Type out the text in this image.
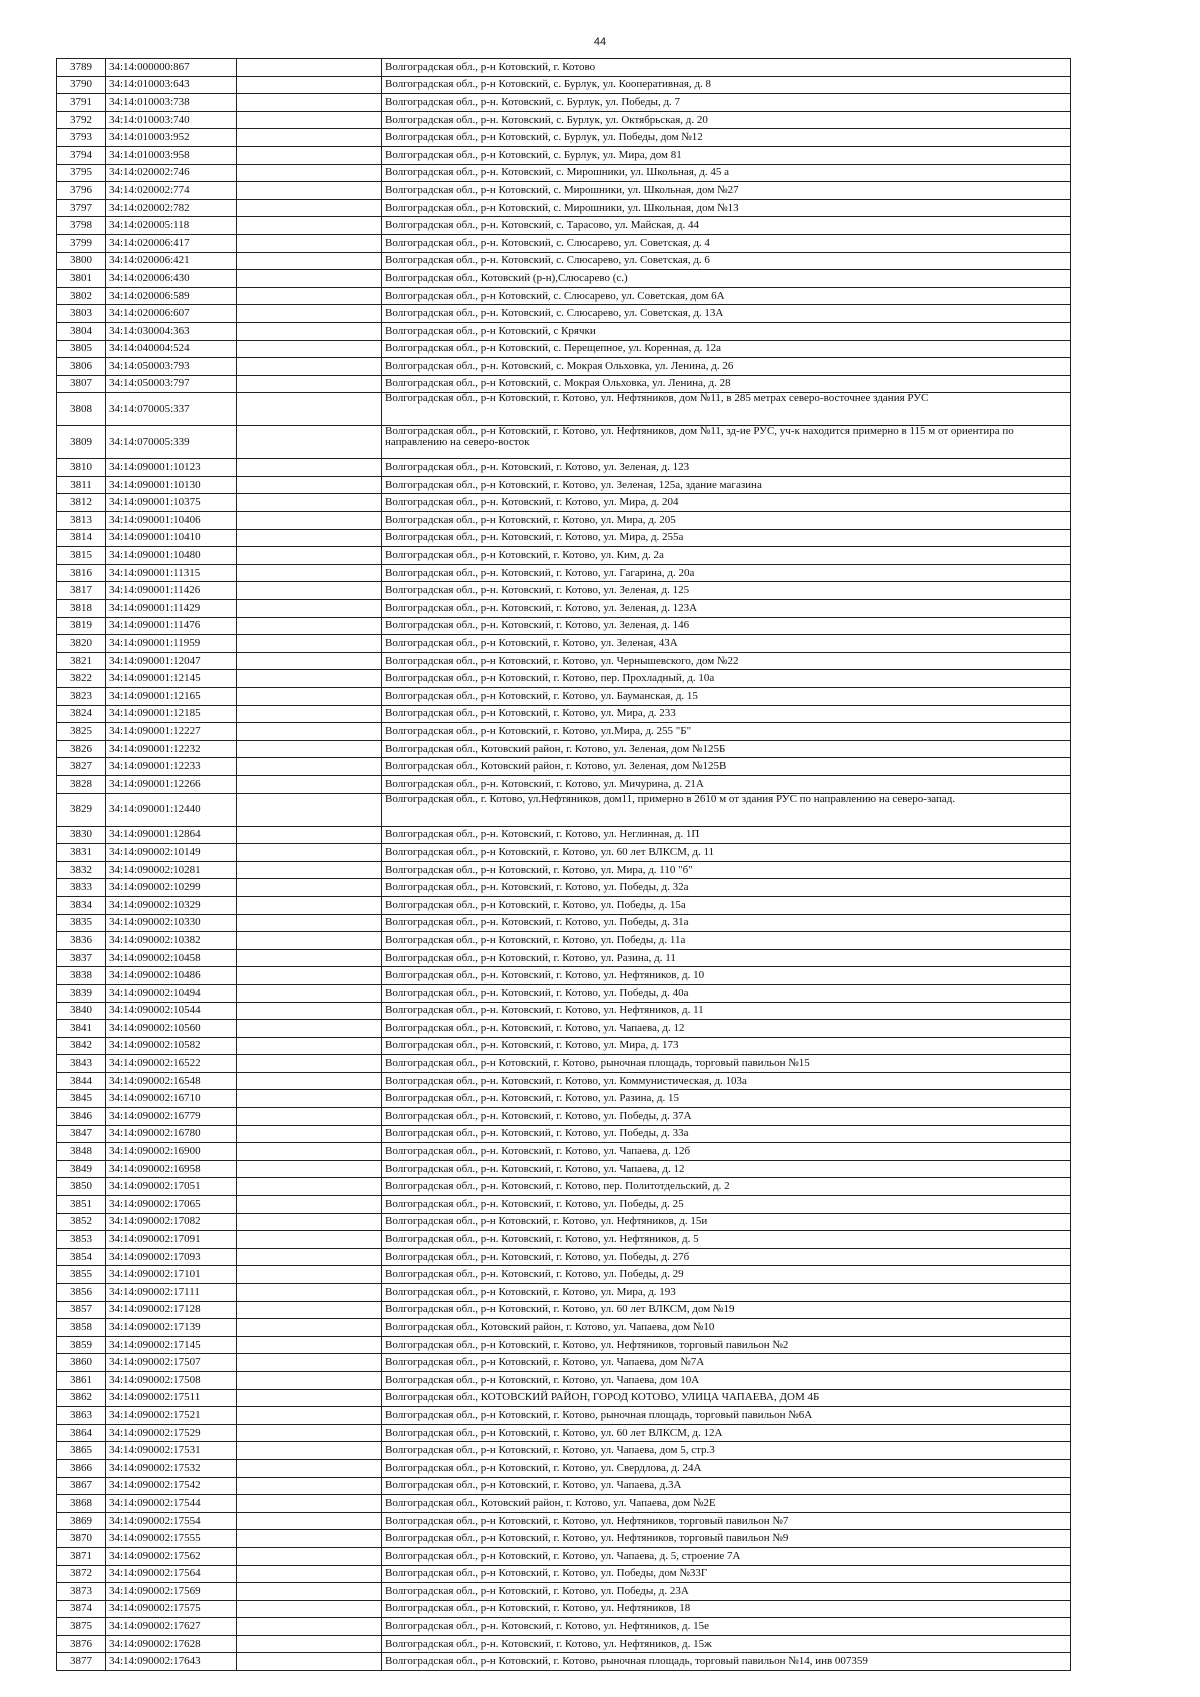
44
3789	34:14:000000:867		Волгоградская обл., р-н Котовский, г. Котово
3790	34:14:010003:643		Волгоградская обл., р-н Котовский, с. Бурлук, ул. Кооперативная, д. 8
3791	34:14:010003:738		Волгоградская обл., р-н. Котовский, с. Бурлук, ул. Победы, д. 7
3792	34:14:010003:740		Волгоградская обл., р-н. Котовский, с. Бурлук, ул. Октябрьская, д. 20
3793	34:14:010003:952		Волгоградская обл., р-н Котовский, с. Бурлук, ул. Победы, дом №12
3794	34:14:010003:958		Волгоградская обл., р-н Котовский, с. Бурлук, ул. Мира, дом 81
3795	34:14:020002:746		Волгоградская обл., р-н. Котовский, с. Мирошники, ул. Школьная, д. 45 а
3796	34:14:020002:774		Волгоградская обл., р-н Котовский, с. Мирошники, ул. Школьная, дом №27
3797	34:14:020002:782		Волгоградская обл., р-н Котовский, с. Мирошники, ул. Школьная, дом №13
3798	34:14:020005:118		Волгоградская обл., р-н. Котовский, с. Тарасово, ул. Майская, д. 44
3799	34:14:020006:417		Волгоградская обл., р-н. Котовский, с. Слюсарево, ул. Советская, д. 4
3800	34:14:020006:421		Волгоградская обл., р-н. Котовский, с. Слюсарево, ул. Советская, д. 6
3801	34:14:020006:430		Волгоградская обл., Котовский (р-н),Слюсарево (с.)
3802	34:14:020006:589		Волгоградская обл., р-н Котовский, с. Слюсарево, ул. Советская, дом 6А
3803	34:14:020006:607		Волгоградская обл., р-н. Котовский, с. Слюсарево, ул. Советская, д. 13А
3804	34:14:030004:363		Волгоградская обл., р-н Котовский, с Крячки
3805	34:14:040004:524		Волгоградская обл., р-н Котовский, с. Перещепное, ул. Коренная, д. 12а
3806	34:14:050003:793		Волгоградская обл., р-н. Котовский, с. Мокрая Ольховка, ул. Ленина, д. 26
3807	34:14:050003:797		Волгоградская обл., р-н Котовский, с. Мокрая Ольховка, ул. Ленина, д. 28
3808	34:14:070005:337		Волгоградская обл., р-н Котовский, г. Котово, ул. Нефтяников, дом №11, в 285 метрах северо-восточнее здания РУС
3809	34:14:070005:339		Волгоградская обл., р-н Котовский, г. Котово, ул. Нефтяников, дом №11, зд-ие РУС, уч-к находится примерно в 115 м от ориентира по направлению на северо-восток
3810	34:14:090001:10123		Волгоградская обл., р-н. Котовский, г. Котово, ул. Зеленая, д. 123
3811	34:14:090001:10130		Волгоградская обл., р-н Котовский, г. Котово, ул. Зеленая, 125а, здание магазина
3812	34:14:090001:10375		Волгоградская обл., р-н. Котовский, г. Котово, ул. Мира, д. 204
3813	34:14:090001:10406		Волгоградская обл., р-н Котовский, г. Котово, ул. Мира, д. 205
3814	34:14:090001:10410		Волгоградская обл., р-н. Котовский, г. Котово, ул. Мира, д. 255а
3815	34:14:090001:10480		Волгоградская обл., р-н Котовский, г. Котово, ул. Ким, д. 2а
3816	34:14:090001:11315		Волгоградская обл., р-н. Котовский, г. Котово, ул. Гагарина, д. 20а
3817	34:14:090001:11426		Волгоградская обл., р-н. Котовский, г. Котово, ул. Зеленая, д. 125
3818	34:14:090001:11429		Волгоградская обл., р-н. Котовский, г. Котово, ул. Зеленая, д. 123А
3819	34:14:090001:11476		Волгоградская обл., р-н. Котовский, г. Котово, ул. Зеленая, д. 146
3820	34:14:090001:11959		Волгоградская обл., р-н Котовский, г. Котово, ул. Зеленая, 43А
3821	34:14:090001:12047		Волгоградская обл., р-н Котовский, г. Котово, ул. Чернышевского, дом №22
3822	34:14:090001:12145		Волгоградская обл., р-н Котовский, г. Котово, пер. Прохладный, д. 10а
3823	34:14:090001:12165		Волгоградская обл., р-н Котовский, г. Котово, ул. Бауманская, д. 15
3824	34:14:090001:12185		Волгоградская обл., р-н Котовский, г. Котово, ул. Мира, д. 233
3825	34:14:090001:12227		Волгоградская обл., р-н Котовский, г. Котово, ул.Мира, д. 255 "Б"
3826	34:14:090001:12232		Волгоградская обл., Котовский район, г. Котово, ул. Зеленая, дом №125Б
3827	34:14:090001:12233		Волгоградская обл., Котовский район, г. Котово, ул. Зеленая, дом №125В
3828	34:14:090001:12266		Волгоградская обл., р-н. Котовский, г. Котово, ул. Мичурина, д. 21А
3829	34:14:090001:12440		Волгоградская обл., г. Котово, ул.Нефтяников, дом11, примерно в 2610 м от здания РУС по направлению на северо-запад.
3830	34:14:090001:12864		Волгоградская обл., р-н. Котовский, г. Котово, ул. Неглинная, д. 1П
3831	34:14:090002:10149		Волгоградская обл., р-н Котовский, г. Котово, ул. 60 лет ВЛКСМ, д. 11
3832	34:14:090002:10281		Волгоградская обл., р-н Котовский, г. Котово, ул. Мира, д. 110 "б"
3833	34:14:090002:10299		Волгоградская обл., р-н. Котовский, г. Котово, ул. Победы, д. 32а
3834	34:14:090002:10329		Волгоградская обл., р-н Котовский, г. Котово, ул. Победы, д. 15а
3835	34:14:090002:10330		Волгоградская обл., р-н. Котовский, г. Котово, ул. Победы, д. 31а
3836	34:14:090002:10382		Волгоградская обл., р-н Котовский, г. Котово, ул. Победы, д. 11а
3837	34:14:090002:10458		Волгоградская обл., р-н Котовский, г. Котово, ул. Разина, д. 11
3838	34:14:090002:10486		Волгоградская обл., р-н. Котовский, г. Котово, ул. Нефтяников, д. 10
3839	34:14:090002:10494		Волгоградская обл., р-н. Котовский, г. Котово, ул. Победы, д. 40а
3840	34:14:090002:10544		Волгоградская обл., р-н. Котовский, г. Котово, ул. Нефтяников, д. 11
3841	34:14:090002:10560		Волгоградская обл., р-н. Котовский, г. Котово, ул. Чапаева, д. 12
3842	34:14:090002:10582		Волгоградская обл., р-н. Котовский, г. Котово, ул. Мира, д. 173
3843	34:14:090002:16522		Волгоградская обл., р-н Котовский, г. Котово, рыночная площадь, торговый павильон №15
3844	34:14:090002:16548		Волгоградская обл., р-н. Котовский, г. Котово, ул. Коммунистическая, д. 103а
3845	34:14:090002:16710		Волгоградская обл., р-н. Котовский, г. Котово, ул. Разина, д. 15
3846	34:14:090002:16779		Волгоградская обл., р-н. Котовский, г. Котово, ул. Победы, д. 37А
3847	34:14:090002:16780		Волгоградская обл., р-н. Котовский, г. Котово, ул. Победы, д. 33а
3848	34:14:090002:16900		Волгоградская обл., р-н. Котовский, г. Котово, ул. Чапаева, д. 12б
3849	34:14:090002:16958		Волгоградская обл., р-н. Котовский, г. Котово, ул. Чапаева, д. 12
3850	34:14:090002:17051		Волгоградская обл., р-н. Котовский, г. Котово, пер. Политотдельский, д. 2
3851	34:14:090002:17065		Волгоградская обл., р-н. Котовский, г. Котово, ул. Победы, д. 25
3852	34:14:090002:17082		Волгоградская обл., р-н Котовский, г. Котово, ул. Нефтяников, д. 15и
3853	34:14:090002:17091		Волгоградская обл., р-н. Котовский, г. Котово, ул. Нефтяников, д. 5
3854	34:14:090002:17093		Волгоградская обл., р-н. Котовский, г. Котово, ул. Победы, д. 27б
3855	34:14:090002:17101		Волгоградская обл., р-н. Котовский, г. Котово, ул. Победы, д. 29
3856	34:14:090002:17111		Волгоградская обл., р-н Котовский, г. Котово, ул. Мира, д. 193
3857	34:14:090002:17128		Волгоградская обл., р-н Котовский, г. Котово, ул. 60 лет ВЛКСМ, дом №19
3858	34:14:090002:17139		Волгоградская обл., Котовский район, г. Котово, ул. Чапаева, дом №10
3859	34:14:090002:17145		Волгоградская обл., р-н Котовский, г. Котово, ул. Нефтяников, торговый павильон №2
3860	34:14:090002:17507		Волгоградская обл., р-н Котовский, г. Котово, ул. Чапаева, дом №7А
3861	34:14:090002:17508		Волгоградская обл., р-н Котовский, г. Котово, ул. Чапаева, дом 10А
3862	34:14:090002:17511		Волгоградская обл., КОТОВСКИЙ РАЙОН, ГОРОД КОТОВО, УЛИЦА ЧАПАЕВА, ДОМ 4Б
3863	34:14:090002:17521		Волгоградская обл., р-н Котовский, г. Котово, рыночная площадь, торговый павильон №6А
3864	34:14:090002:17529		Волгоградская обл., р-н Котовский, г. Котово, ул. 60 лет ВЛКСМ, д. 12А
3865	34:14:090002:17531		Волгоградская обл., р-н Котовский, г. Котово, ул. Чапаева, дом 5, стр.3
3866	34:14:090002:17532		Волгоградская обл., р-н Котовский, г. Котово, ул. Свердлова, д. 24А
3867	34:14:090002:17542		Волгоградская обл., р-н Котовский, г. Котово, ул. Чапаева, д.3А
3868	34:14:090002:17544		Волгоградская обл., Котовский район, г. Котово, ул. Чапаева, дом №2Е
3869	34:14:090002:17554		Волгоградская обл., р-н Котовский, г. Котово, ул. Нефтяников, торговый павильон №7
3870	34:14:090002:17555		Волгоградская обл., р-н Котовский, г. Котово, ул. Нефтяников, торговый павильон №9
3871	34:14:090002:17562		Волгоградская обл., р-н Котовский, г. Котово, ул. Чапаева, д. 5, строение 7А
3872	34:14:090002:17564		Волгоградская обл., р-н Котовский, г. Котово, ул. Победы, дом №33Г
3873	34:14:090002:17569		Волгоградская обл., р-н Котовский, г. Котово, ул. Победы, д. 23А
3874	34:14:090002:17575		Волгоградская обл., р-н Котовский, г. Котово, ул. Нефтяников, 18
3875	34:14:090002:17627		Волгоградская обл., р-н. Котовский, г. Котово, ул. Нефтяников, д. 15е
3876	34:14:090002:17628		Волгоградская обл., р-н. Котовский, г. Котово, ул. Нефтяников, д. 15ж
3877	34:14:090002:17643		Волгоградская обл., р-н Котовский, г. Котово, рыночная площадь, торговый павильон №14, инв 007359
